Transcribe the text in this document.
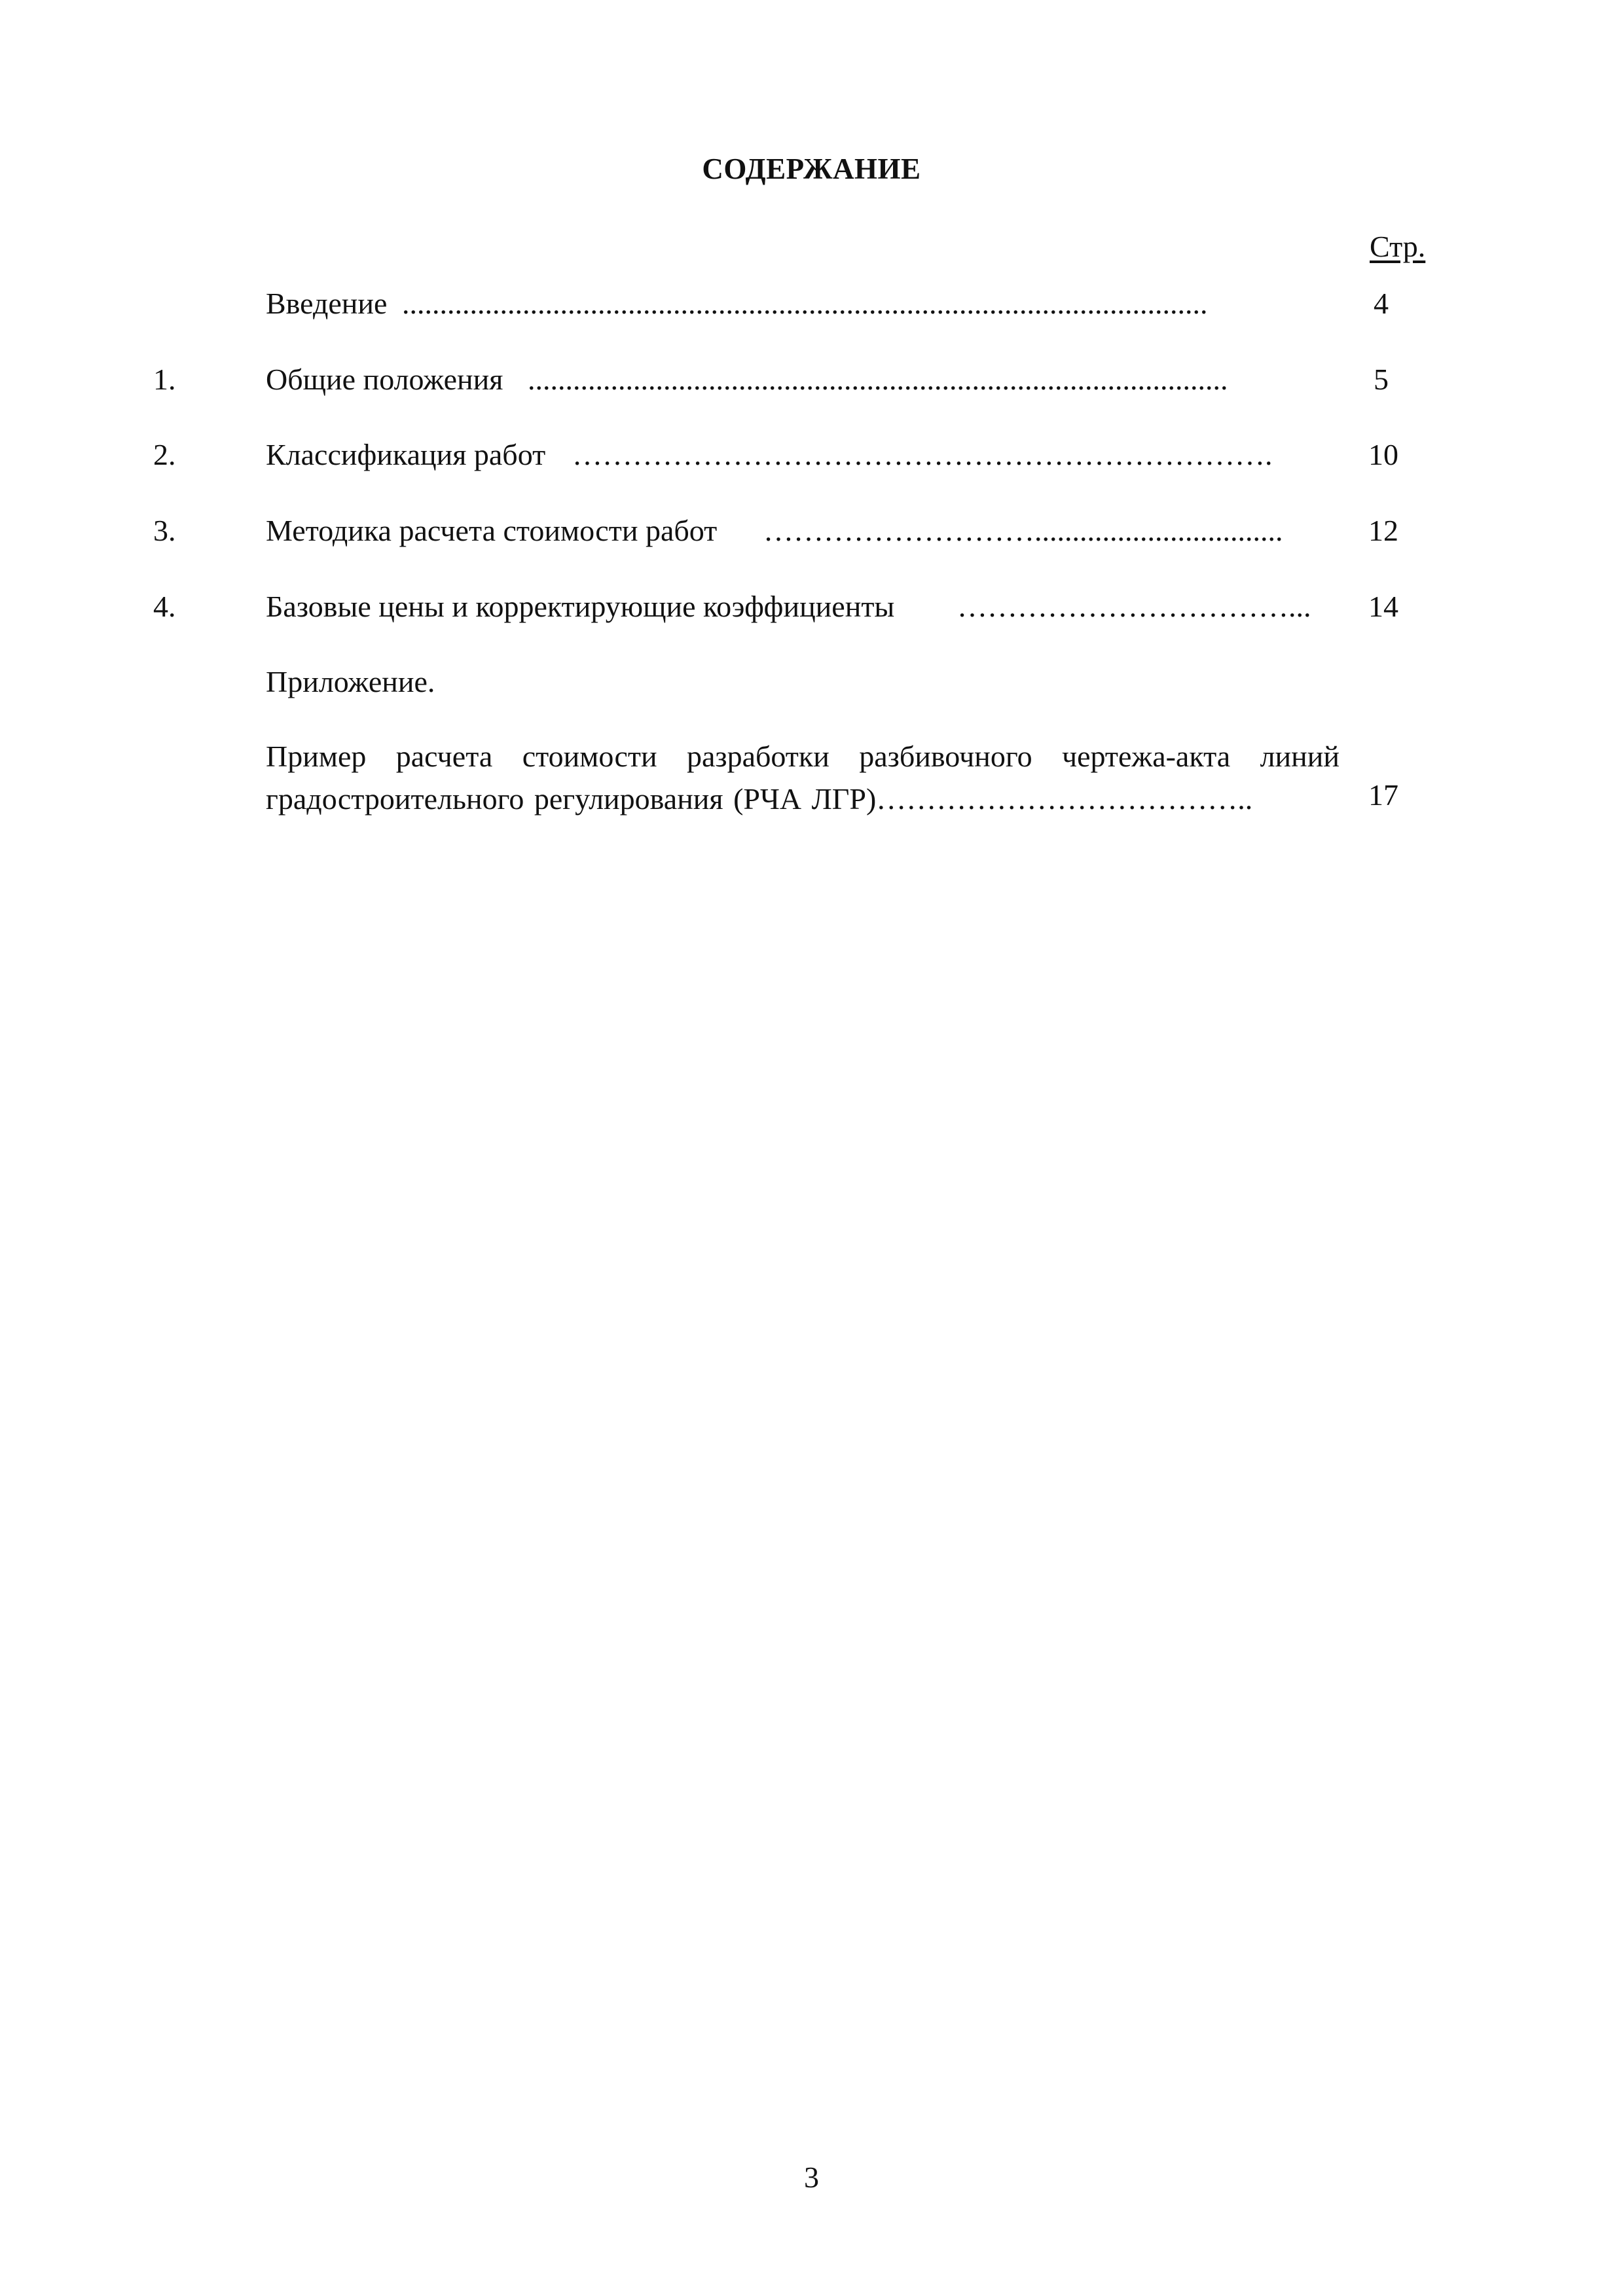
СОДЕРЖАНИЕ
Стр.
Введение ...........................................................................................................	4
1.	Общие положения .............................................................................................	5
2.	Классификация работ …………………………………………………………….	10
3.	Методика расчета стоимости работ ……………………….................................	12
4.	Базовые цены и корректирующие коэффициенты ……………………………...	14
Приложение.
Пример расчета стоимости разработки разбивочного чертежа-акта линий
градостроительного регулирования (РЧА ЛГР)………………………………..	17
3
